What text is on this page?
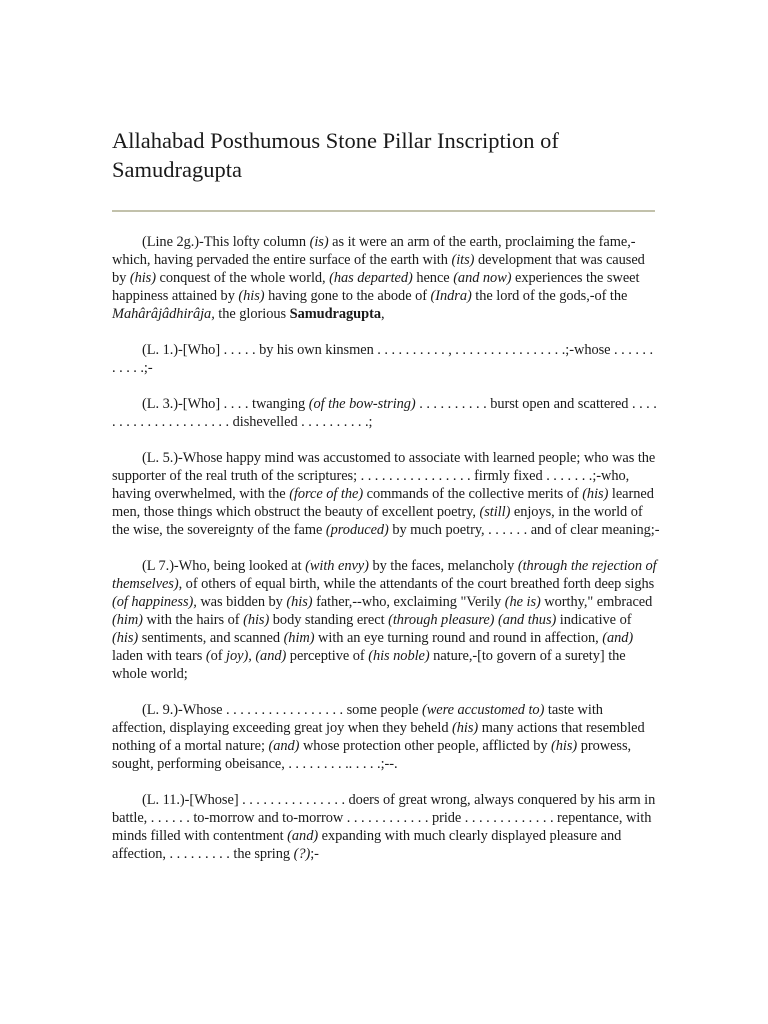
Allahabad Posthumous Stone Pillar Inscription of Samudragupta

(Line 2g.)-This lofty column (is) as it were an arm of the earth, proclaiming the fame,-which, having pervaded the entire surface of the earth with (its) development that was caused by (his) conquest of the whole world, (has departed) hence (and now) experiences the sweet happiness attained by (his) having gone to the abode of (Indra) the lord of the gods,-of the Mahârâjâdhirâja, the glorious Samudragupta,

(L. 1.)-[Who] . . . . . by his own kinsmen . . . . . . . . . . , . . . . . . . . . . . . . . . .;-whose . . . . . . . . . . .;-

(L. 3.)-[Who] . . . . twanging (of the bow-string) . . . . . . . . . . burst open and scattered . . . . . . . . . . . . . . . . . . . . . dishevelled . . . . . . . . . .;

(L. 5.)-Whose happy mind was accustomed to associate with learned people; who was the supporter of the real truth of the scriptures; . . . . . . . . . . . . . . . . firmly fixed . . . . . . .;-who, having overwhelmed, with the (force of the) commands of the collective merits of (his) learned men, those things which obstruct the beauty of excellent poetry, (still) enjoys, in the world of the wise, the sovereignty of the fame (produced) by much poetry, . . . . . . and of clear meaning;-

(L 7.)-Who, being looked at (with envy) by the faces, melancholy (through the rejection of themselves), of others of equal birth, while the attendants of the court breathed forth deep sighs (of happiness), was bidden by (his) father,--who, exclaiming "Verily (he is) worthy," embraced (him) with the hairs of (his) body standing erect (through pleasure) (and thus) indicative of (his) sentiments, and scanned (him) with an eye turning round and round in affection, (and) laden with tears (of joy), (and) perceptive of (his noble) nature,-[to govern of a surety] the whole world;

(L. 9.)-Whose . . . . . . . . . . . . . . . . . some people (were accustomed to) taste with affection, displaying exceeding great joy when they beheld (his) many actions that resembled nothing of a mortal nature; (and) whose protection other people, afflicted by (his) prowess, sought, performing obeisance, . . . . . . . . .. . . . .;--.

(L. 11.)-[Whose] . . . . . . . . . . . . . . . doers of great wrong, always conquered by his arm in battle, . . . . . . to-morrow and to-morrow . . . . . . . . . . . . pride . . . . . . . . . . . . . repentance, with minds filled with contentment (and) expanding with much clearly displayed pleasure and affection, . . . . . . . . . the spring (?);-
